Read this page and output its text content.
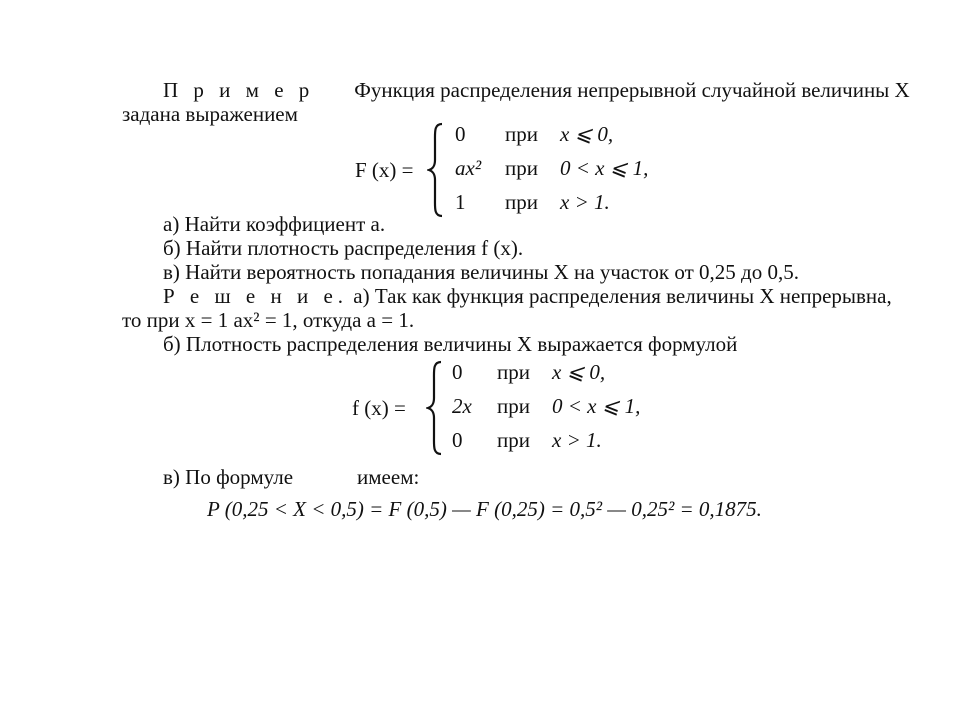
П р и м е р Функция распределения непрерывной случайной величины X
задана выражением
F (x) =
0 при x ⩽ 0,
ax² при 0 < x ⩽ 1,
1 при x > 1.
а) Найти коэффициент a.
б) Найти плотность распределения f (x).
в) Найти вероятность попадания величины X на участок от 0,25 до 0,5.
Р е ш е н и е. а) Так как функция распределения величины X непрерывна,
то при x = 1 ax² = 1, откуда a = 1.
б) Плотность распределения величины X выражается формулой
f (x) =
0 при x ⩽ 0,
2x при 0 < x ⩽ 1,
0 при x > 1.
в) По формуле	имеем:
P (0,25 < X < 0,5) = F (0,5) — F (0,25) = 0,5² — 0,25² = 0,1875.
